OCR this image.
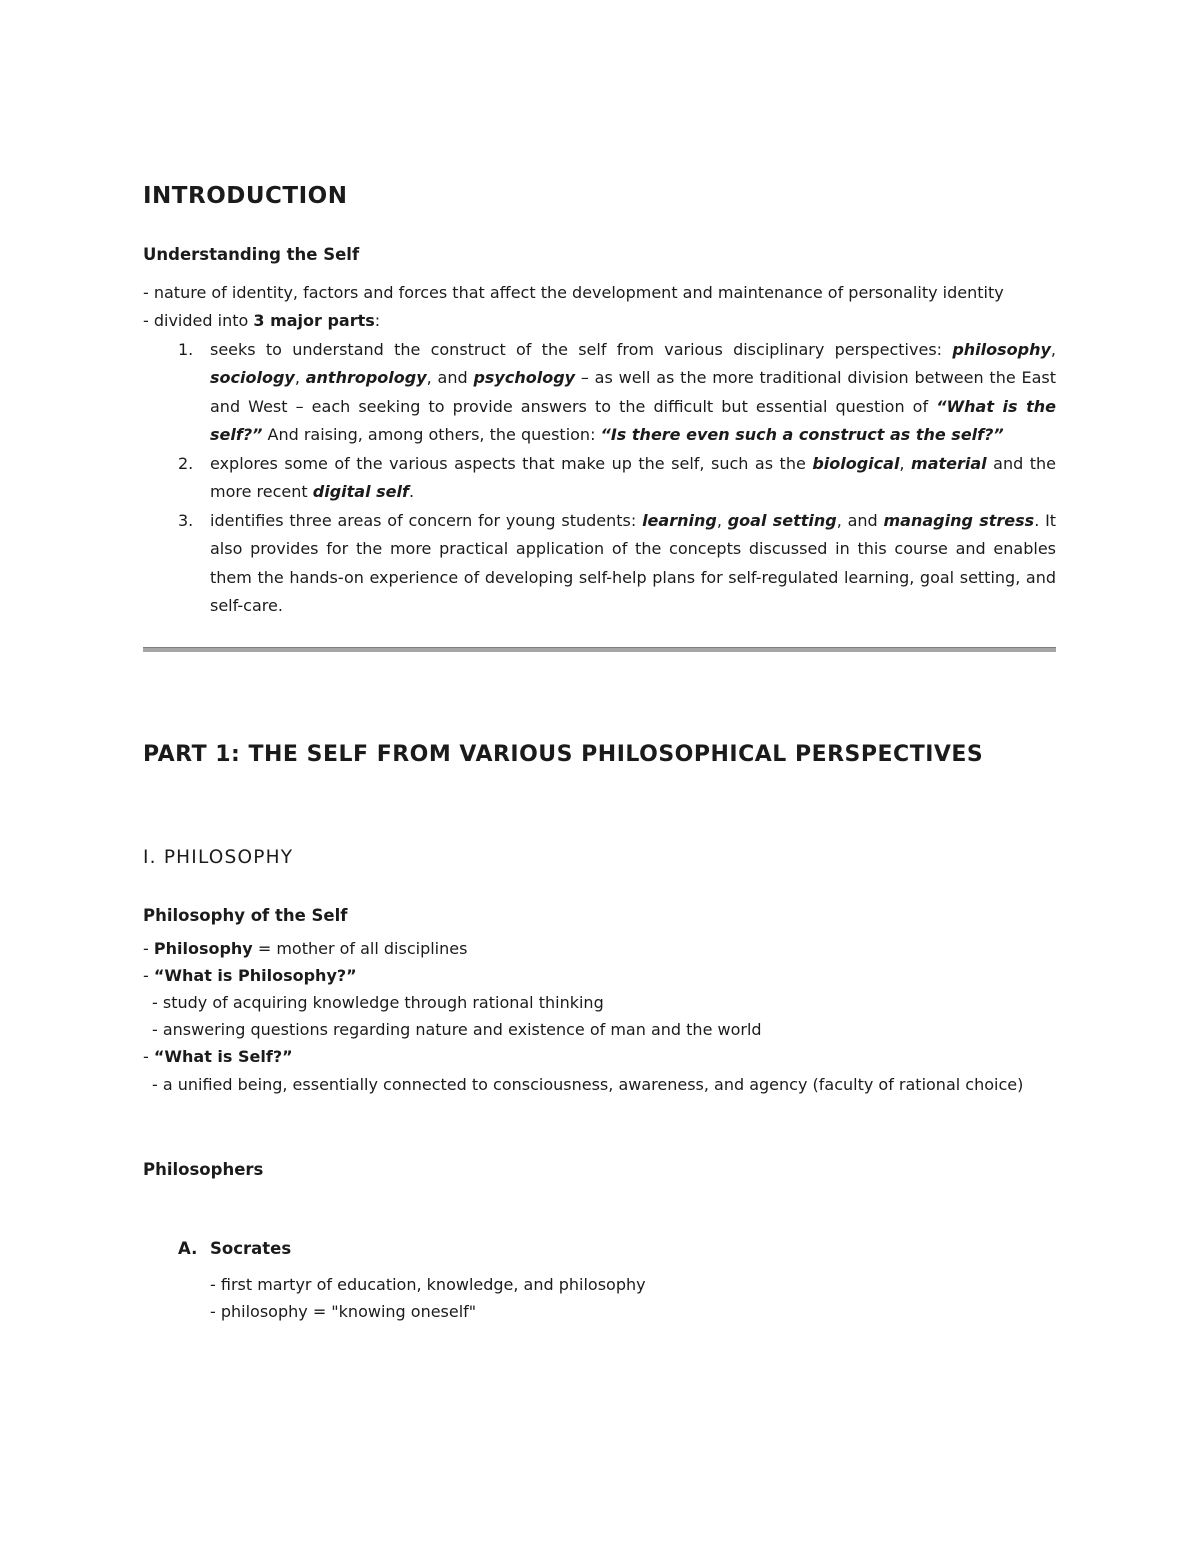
INTRODUCTION
Understanding the Self

- nature of identity, factors and forces that affect the development and maintenance of personality identity

- divided into 3 major parts:

1.	seeks to understand the construct of the self from various disciplinary perspectives: philosophy, sociology, anthropology, and psychology – as well as the more traditional division between the East and West – each seeking to provide answers to the difficult but essential question of “What is the self?” And raising, among others, the question: “Is there even such a construct as the self?”
2.	explores some of the various aspects that make up the self, such as the biological, material and the more recent digital self.
3.	identifies three areas of concern for young students: learning, goal setting, and managing stress. It also provides for the more practical application of the concepts discussed in this course and enables them the hands-on experience of developing self-help plans for self-regulated learning, goal setting, and self-care.
PART 1: THE SELF FROM VARIOUS PHILOSOPHICAL PERSPECTIVES
I. PHILOSOPHY
Philosophy of the Self
- Philosophy = mother of all disciplines
- “What is Philosophy?”
- study of acquiring knowledge through rational thinking
- answering questions regarding nature and existence of man and the world
- “What is Self?”

- a unified being, essentially connected to consciousness, awareness, and agency (faculty of rational choice)

Philosophers
A. Socrates
- first martyr of education, knowledge, and philosophy
- philosophy = "knowing oneself"
